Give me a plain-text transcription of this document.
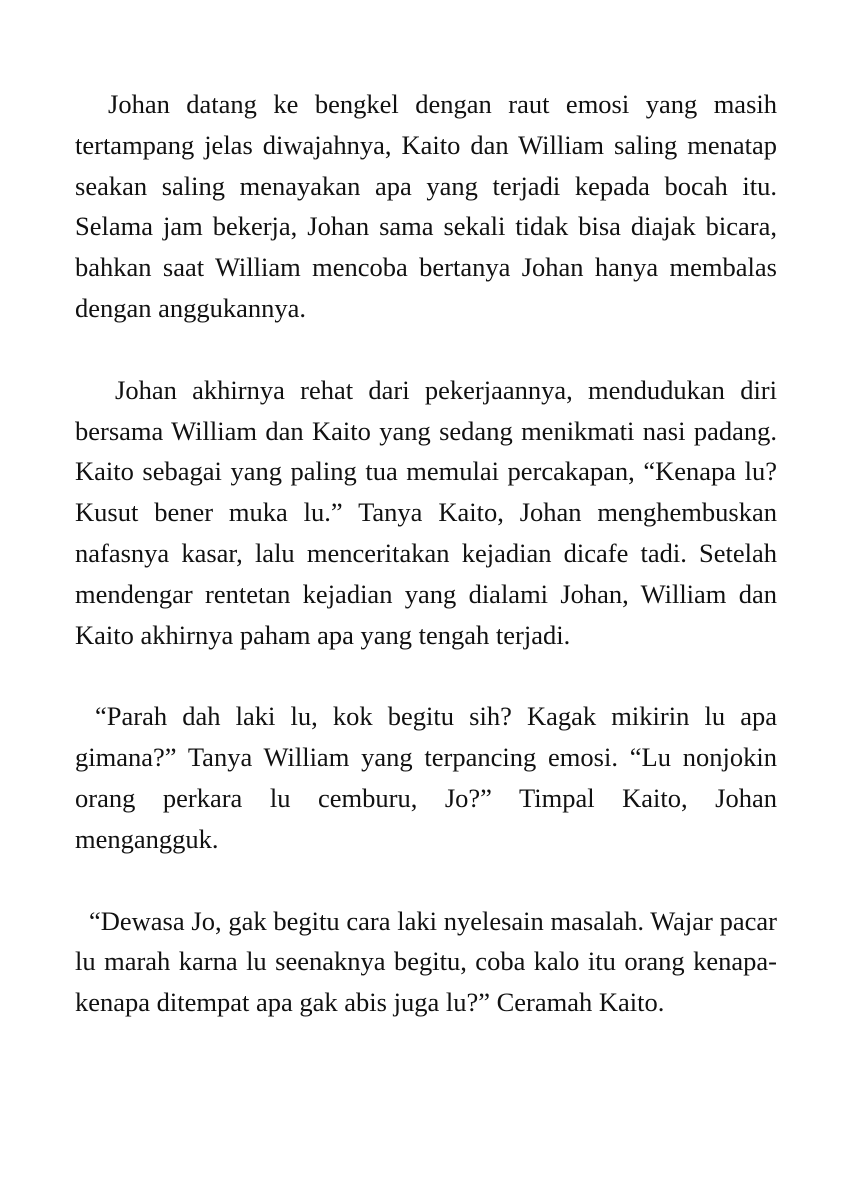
Johan datang ke bengkel dengan raut emosi yang masih tertampang jelas diwajahnya, Kaito dan William saling menatap seakan saling menayakan apa yang terjadi kepada bocah itu. Selama jam bekerja, Johan sama sekali tidak bisa diajak bicara, bahkan saat William mencoba bertanya Johan hanya membalas dengan anggukannya.

Johan akhirnya rehat dari pekerjaannya, mendudukan diri bersama William dan Kaito yang sedang menikmati nasi padang. Kaito sebagai yang paling tua memulai percakapan, “Kenapa lu? Kusut bener muka lu.” Tanya Kaito, Johan menghembuskan nafasnya kasar, lalu menceritakan kejadian dicafe tadi. Setelah mendengar rentetan kejadian yang dialami Johan, William dan Kaito akhirnya paham apa yang tengah terjadi.

“Parah dah laki lu, kok begitu sih? Kagak mikirin lu apa gimana?” Tanya William yang terpancing emosi. “Lu nonjokin orang perkara lu cemburu, Jo?” Timpal Kaito, Johan mengangguk.

“Dewasa Jo, gak begitu cara laki nyelesain masalah. Wajar pacar lu marah karna lu seenaknya begitu, coba kalo itu orang kenapa-kenapa ditempat apa gak abis juga lu?” Ceramah Kaito.
